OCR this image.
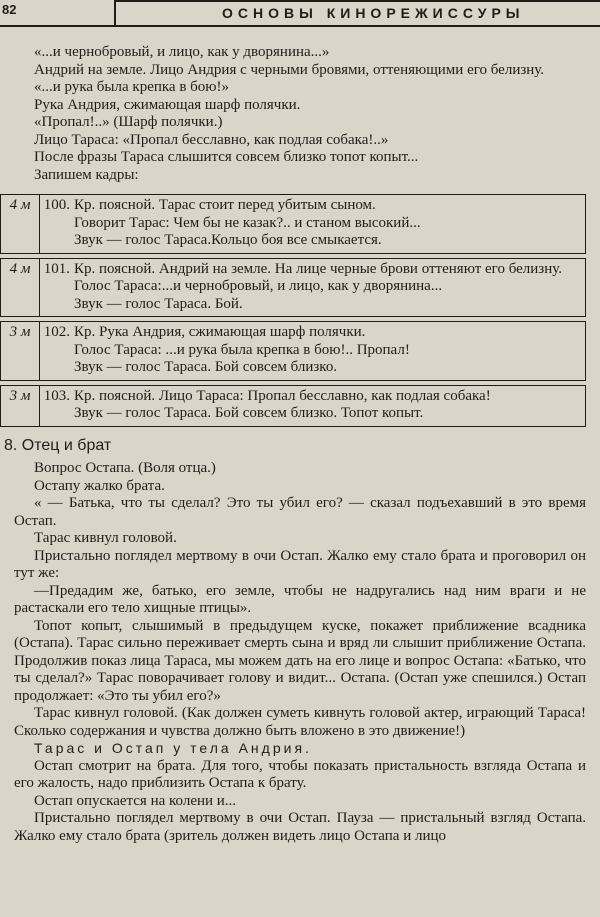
82	ОСНОВЫ КИНОРЕЖИССУРЫ

«...и чернобровый, и лицо, как у дворянина...»

Андрий на земле. Лицо Андрия с черными бровями, оттеняющими его белизну.

«...и рука была крепка в бою!»

Рука Андрия, сжимающая шарф полячки.

«Пропал!..» (Шарф полячки.)

Лицо Тараса: «Пропал бесславно, как подлая собака!..»

После фразы Тараса слышится совсем близко топот копыт...

Запишем кадры:

4 м 100. Кр. поясной. Тарас стоит перед убитым сыном.
Говорит Тарас: Чем бы не казак?.. и станом высокий...
Звук — голос Тараса.Кольцо боя все смыкается.
4 м 101. Кр. поясной. Андрий на земле. На лице черные брови оттеняют его белизну.
Голос Тараса:...и чернобровый, и лицо, как у дворянина...
Звук — голос Тараса. Бой.
3 м 102. Кр. Рука Андрия, сжимающая шарф полячки.
Голос Тараса: ...и рука была крепка в бою!.. Пропал!
Звук — голос Тараса. Бой совсем близко.
3 м 103. Кр. поясной. Лицо Тараса: Пропал бесславно, как подлая собака!
Звук — голос Тараса. Бой совсем близко. Топот копыт.
8. Отец и брат

Вопрос Остапа. (Воля отца.)

Остапу жалко брата.

« — Батька, что ты сделал? Это ты убил его? — сказал подъехавший в это время Остап.

Тарас кивнул головой.

Пристально поглядел мертвому в очи Остап. Жалко ему стало брата и проговорил он тут же:

—Предадим же, батько, его земле, чтобы не надругались над ним враги и не растаскали его тело хищные птицы».

Топот копыт, слышимый в предыдущем куске, покажет приближение всадника (Остапа). Тарас сильно переживает смерть сына и вряд ли слышит приближение Остапа. Продолжив показ лица Тараса, мы можем дать на его лице и вопрос Остапа: «Батько, что ты сделал?» Тарас поворачивает голову и видит... Остапа. (Остап уже спешился.) Остап продолжает: «Это ты убил его?»

Тарас кивнул головой. (Как должен суметь кивнуть головой актер, играющий Тараса! Сколько содержания и чувства должно быть вложено в это движение!)

Тарас и Остап у тела Андрия.

Остап смотрит на брата. Для того, чтобы показать пристальность взгляда Остапа и его жалость, надо приблизить Остапа к брату.

Остап опускается на колени и...

Пристально поглядел мертвому в очи Остап. Пауза — пристальный взгляд Остапа. Жалко ему стало брата (зритель должен видеть лицо Остапа и лицо
